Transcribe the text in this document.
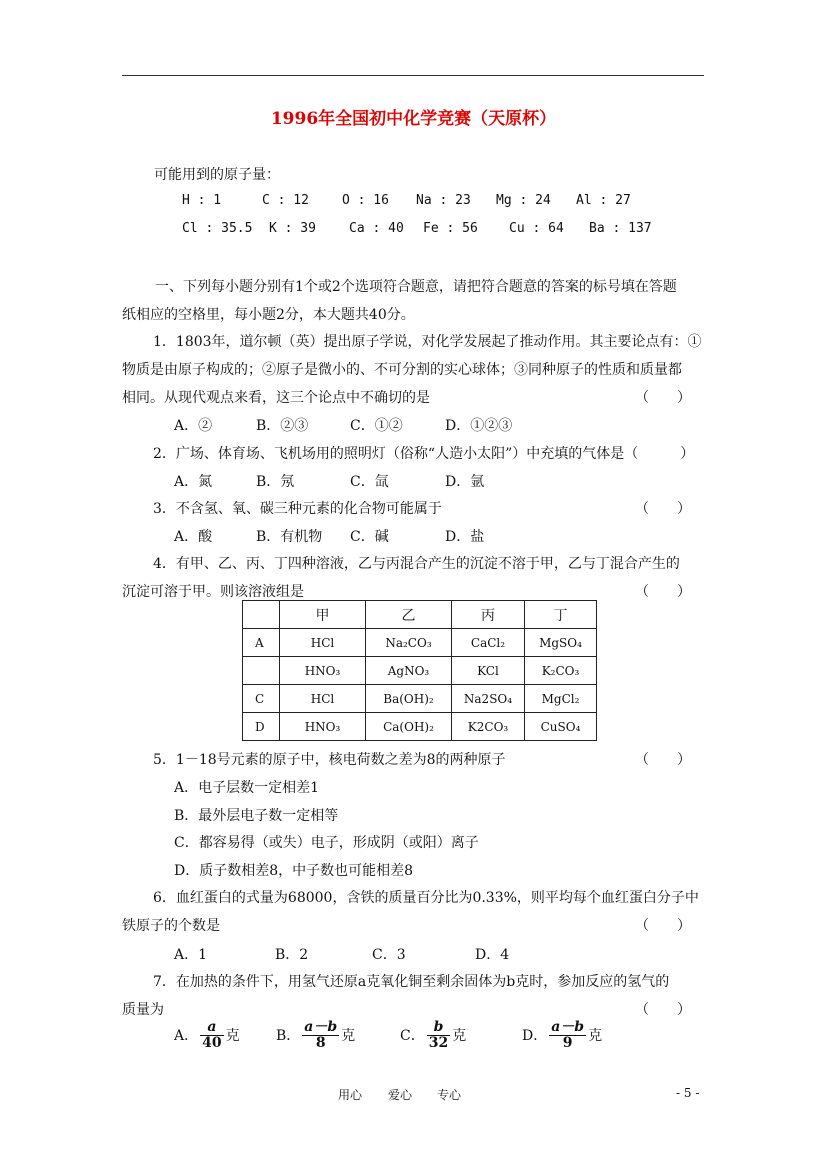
1996年全国初中化学竞赛（天原杯）
可能用到的原子量：
H : 1	C : 12	O : 16 Na : 23 Mg : 24 Al : 27
Cl : 35.5 K : 39	Ca : 40 Fe : 56 Cu : 64 Ba : 137
一、下列每小题分别有1个或2个选项符合题意，请把符合题意的答案的标号填在答题
纸相应的空格里，每小题2分，本大题共40分。
1．1803年，道尔顿（英）提出原子学说，对化学发展起了推动作用。其主要论点有：①
物质是由原子构成的；②原子是微小的、不可分割的实心球体；③同种原子的性质和质量都
相同。从现代观点来看，这三个论点中不确切的是	（　　）
A．②	B．②③	C．①②	D．①②③
2．广场、体育场、飞机场用的照明灯（俗称“人造小太阳”）中充填的气体是（　　　）
A．氮	B．氖	C．氙	D．氩
3．不含氢、氧、碳三种元素的化合物可能属于	（　　）
A．酸	B．有机物 C．碱	D．盐
4．有甲、乙、丙、丁四种溶液，乙与丙混合产生的沉淀不溶于甲，乙与丁混合产生的
沉淀可溶于甲。则该溶液组是	（　　）
	甲	乙	丙	丁
A	HCl	Na₂CO₃	CaCl₂	MgSO₄
	HNO₃	AgNO₃	KCl	K₂CO₃
C	HCl	Ba(OH)₂	Na2SO₄	MgCl₂
D	HNO₃	Ca(OH)₂	K2CO₃	CuSO₄
5．1－18号元素的原子中，核电荷数之差为8的两种原子	（　　）
A．电子层数一定相差1
B．最外层电子数一定相等
C．都容易得（或失）电子，形成阴（或阳）离子
D．质子数相差8，中子数也可能相差8
6．血红蛋白的式量为68000，含铁的质量百分比为0.33%，则平均每个血红蛋白分子中
铁原子的个数是	（　　）
A．1	B．2	C．3	D．4
7．在加热的条件下，用氢气还原a克氧化铜至剩余固体为b克时，参加反应的氢气的
质量为	（　　）
A． $\frac{a}{40}$ 克	B． $\frac{a-b}{8}$ 克	C． $\frac{b}{32}$ 克	D． $\frac{a-b}{9}$ 克
用心 爱心 专心	- 5 -
